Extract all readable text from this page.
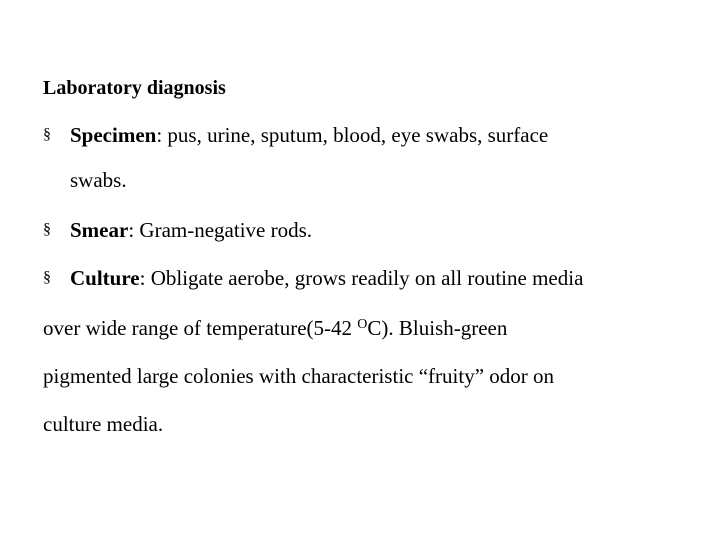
Laboratory diagnosis
§ Specimen: pus, urine, sputum, blood, eye swabs, surface

swabs.

§ Smear: Gram-negative rods.

§ Culture: Obligate aerobe, grows readily on all routine media

over wide range of temperature(5-42 $^O$C). Bluish-green

pigmented large colonies with characteristic “fruity” odor on

culture media.
